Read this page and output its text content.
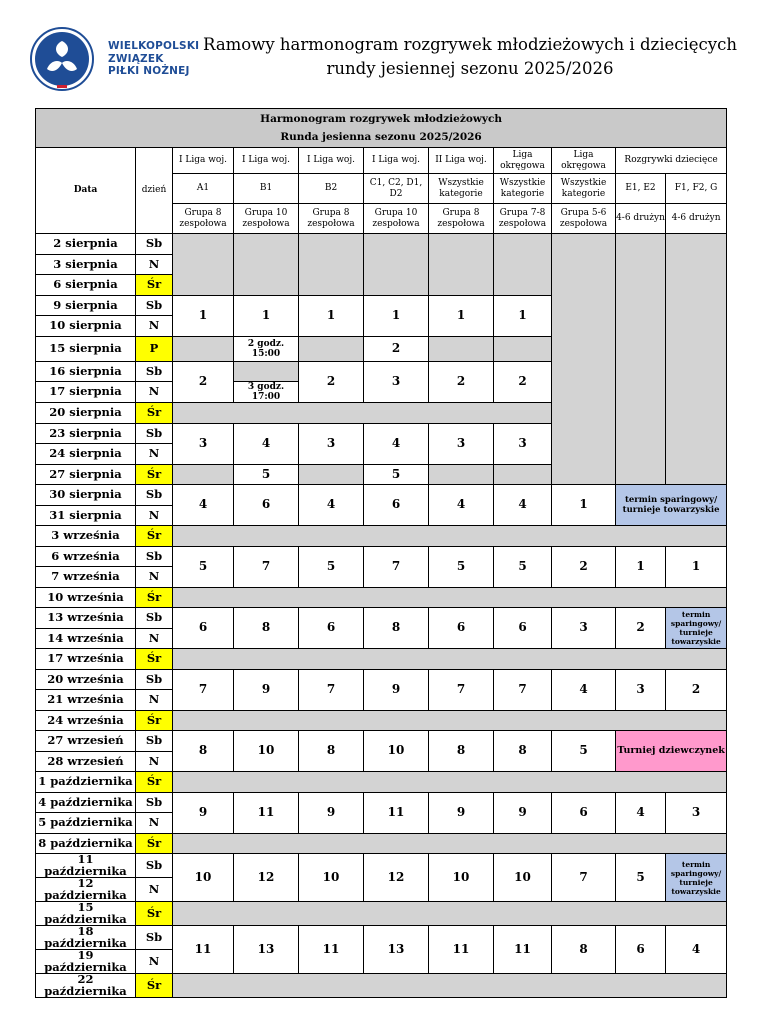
WIELKOPOLSKI
ZWIĄZEK
PIŁKI NOŻNEJ
Ramowy harmonogram rozgrywek młodzieżowych i dziecięcych
rundy jesiennej sezonu 2025/2026
Harmonogram rozgrywek młodzieżowych
Runda jesienna sezonu 2025/2026										

Data	dzień	I Liga woj.	I Liga woj.	I Liga woj.	I Liga woj.	II Liga woj.	Liga okręgowa	Liga okręgowa	Rozgrywki dziecięce	
		A1	B1	B2	C1, C2, D1, D2	Wszystkie kategorie	Wszystkie kategorie	Wszystkie kategorie	E1, E2	F1, F2, G
		Grupa 8 zespołowa	Grupa 10 zespołowa	Grupa 8 zespołowa	Grupa 10 zespołowa	Grupa 8 zespołowa	Grupa 7-8 zespołowa	Grupa 5-6 zespołowa	4-6 drużyn	4-6 drużyn
2 sierpnia	Sb									
3 sierpnia	N									
6 sierpnia	Śr									
9 sierpnia	Sb	1	1	1	1	1	1			
10 sierpnia	N									
15 sierpnia	P		2 godz. 15:00		2					
16 sierpnia	Sb	2		2	3	2	2			
17 sierpnia	N		3 godz. 17:00							
20 sierpnia	Śr									
23 sierpnia	Sb	3	4	3	4	3	3			
24 sierpnia	N									
27 sierpnia	Śr		5		5					
30 sierpnia	Sb	4	6	4	6	4	4	1	termin sparingowy/ turnieje towarzyskie	
31 sierpnia	N									
3 września	Śr									
6 września	Sb	5	7	5	7	5	5	2	1	1
7 września	N									
10 września	Śr									
13 września	Sb	6	8	6	8	6	6	3	2	termin sparingowy/ turnieje towarzyskie
14 września	N									
17 września	Śr									
20 września	Sb	7	9	7	9	7	7	4	3	2
21 września	N									
24 września	Śr									
27 wrzesień	Sb	8	10	8	10	8	8	5	Turniej dziewczynek	
28 wrzesień	N									
1 października	Śr									
4 października	Sb	9	11	9	11	9	9	6	4	3
5 października	N									
8 października	Śr									
11 października	Sb	10	12	10	12	10	10	7	5	termin sparingowy/ turnieje towarzyskie
12 października	N									
15 października	Śr									
18 października	Sb	11	13	11	13	11	11	8	6	4
19 października	N									
22 października	Śr									
